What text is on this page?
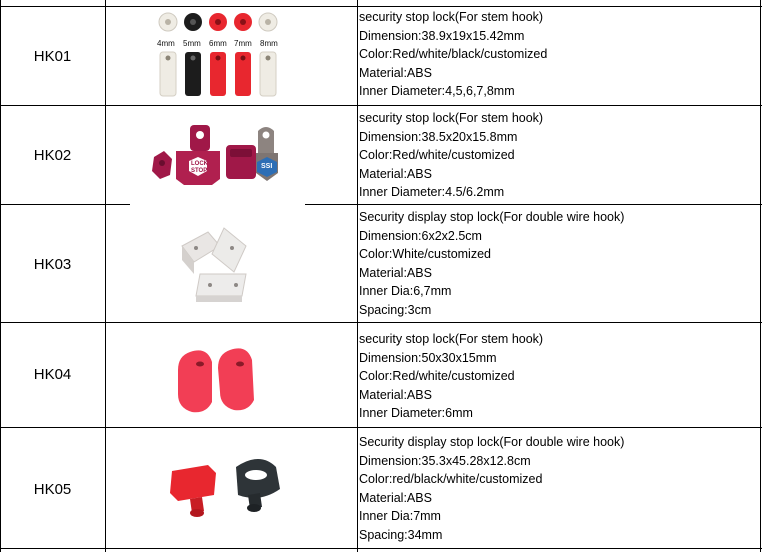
HK01
4mm 5mm 6mm 7mm 8mm
security stop lock(For stem hook)
Dimension:38.9x19x15.42mm
Color:Red/white/black/customized
Material:ABS
Inner Diameter:4,5,6,7,8mm
HK02	LOCK
STOP
SSI
security stop lock(For stem hook)
Dimension:38.5x20x15.8mm
Color:Red/white/customized
Material:ABS
Inner Diameter:4.5/6.2mm
HK03
Security display stop lock(For double wire hook)
Dimension:6x2x2.5cm
Color:White/customized
Material:ABS
Inner Dia:6,7mm
Spacing:3cm
HK04
security stop lock(For stem hook)
Dimension:50x30x15mm
Color:Red/white/customized
Material:ABS
Inner Diameter:6mm
HK05
Security display stop lock(For double wire hook)
Dimension:35.3x45.28x12.8cm
Color:red/black/white/customized
Material:ABS
Inner Dia:7mm
Spacing:34mm
